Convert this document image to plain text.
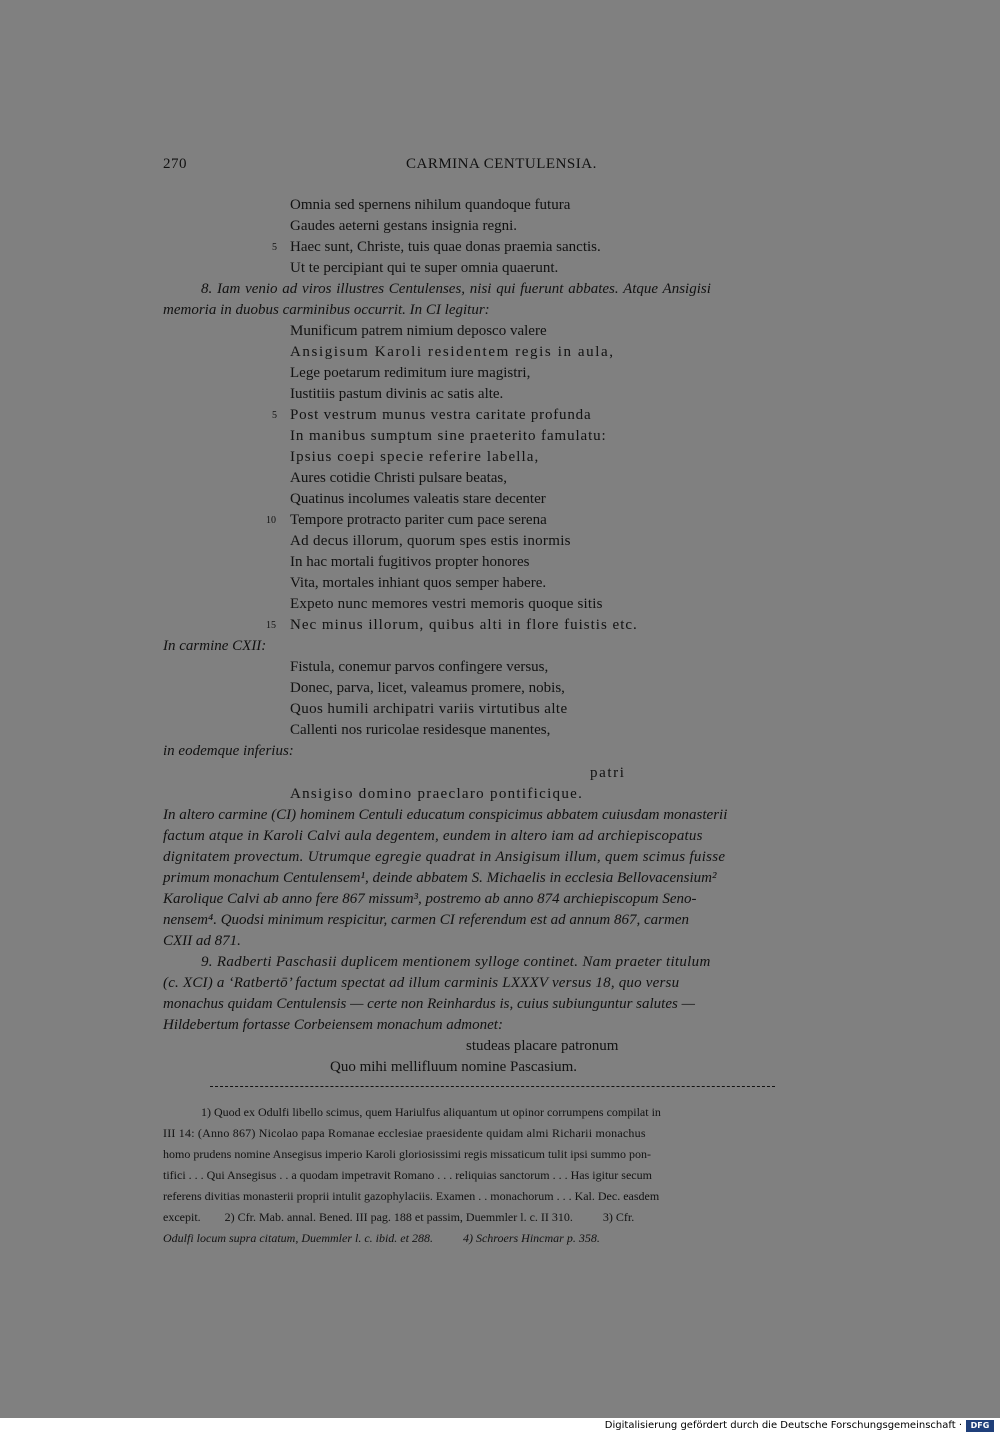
270	CARMINA CENTULENSIA.
Omnia sed spernens nihilum quandoque futura
Gaudes aeterni gestans insignia regni.
5 Haec sunt, Christe, tuis quae donas praemia sanctis.
Ut te percipiant qui te super omnia quaerunt.
8. Iam venio ad viros illustres Centulenses, nisi qui fuerunt abbates. Atque Ansigisi
memoria in duobus carminibus occurrit. In CI legitur:
Munificum patrem nimium deposco valere
Ansigisum Karoli residentem regis in aula,
Lege poetarum redimitum iure magistri,
Iustitiis pastum divinis ac satis alte.
5 Post vestrum munus vestra caritate profunda
In manibus sumptum sine praeterito famulatu:
Ipsius coepi specie referire labella,
Aures cotidie Christi pulsare beatas,
Quatinus incolumes valeatis stare decenter
10 Tempore protracto pariter cum pace serena
Ad decus illorum, quorum spes estis inormis
In hac mortali fugitivos propter honores
Vita, mortales inhiant quos semper habere.
Expeto nunc memores vestri memoris quoque sitis
15 Nec minus illorum, quibus alti in flore fuistis etc.
In carmine CXII:
Fistula, conemur parvos confingere versus,
Donec, parva, licet, valeamus promere, nobis,
Quos humili archipatri variis virtutibus alte
Callenti nos ruricolae residesque manentes,
in eodemque inferius:
patri
Ansigiso domino praeclaro pontificique.
In altero carmine (CI) hominem Centuli educatum conspicimus abbatem cuiusdam monasterii
factum atque in Karoli Calvi aula degentem, eundem in altero iam ad archiepiscopatus
dignitatem provectum. Utrumque egregie quadrat in Ansigisum illum, quem scimus fuisse
primum monachum Centulensem¹, deinde abbatem S. Michaelis in ecclesia Bellovacensium²
Karolique Calvi ab anno fere 867 missum³, postremo ab anno 874 archiepiscopum Seno-
nensem⁴. Quodsi minimum respicitur, carmen CI referendum est ad annum 867, carmen
CXII ad 871.
9. Radberti Paschasii duplicem mentionem sylloge continet. Nam praeter titulum
(c. XCI) a ‘Ratbertō’ factum spectat ad illum carminis LXXXV versus 18, quo versu
monachus quidam Centulensis — certe non Reinhardus is, cuius subiunguntur salutes —
Hildebertum fortasse Corbeiensem monachum admonet:
studeas placare patronum
Quo mihi mellifluum nomine Pascasium.
1) Quod ex Odulfi libello scimus, quem Hariulfus aliquantum ut opinor corrumpens compilat in
III 14: (Anno 867) Nicolao papa Romanae ecclesiae praesidente quidam almi Richarii monachus
homo prudens nomine Ansegisus imperio Karoli gloriosissimi regis missaticum tulit ipsi summo pon-
tifici . . . Qui Ansegisus . . a quodam impetravit Romano . . . reliquias sanctorum . . . Has igitur secum
referens divitias monasterii proprii intulit gazophylaciis. Examen . . monachorum . . . Kal. Dec. easdem
excepit.        2) Cfr. Mab. annal. Bened. III pag. 188 et passim, Duemmler l. c. II 310.          3) Cfr.
Odulfi locum supra citatum, Duemmler l. c. ibid. et 288.          4) Schroers Hincmar p. 358.
Digitalisierung gefördert durch die Deutsche Forschungsgemeinschaft ·	DFG
